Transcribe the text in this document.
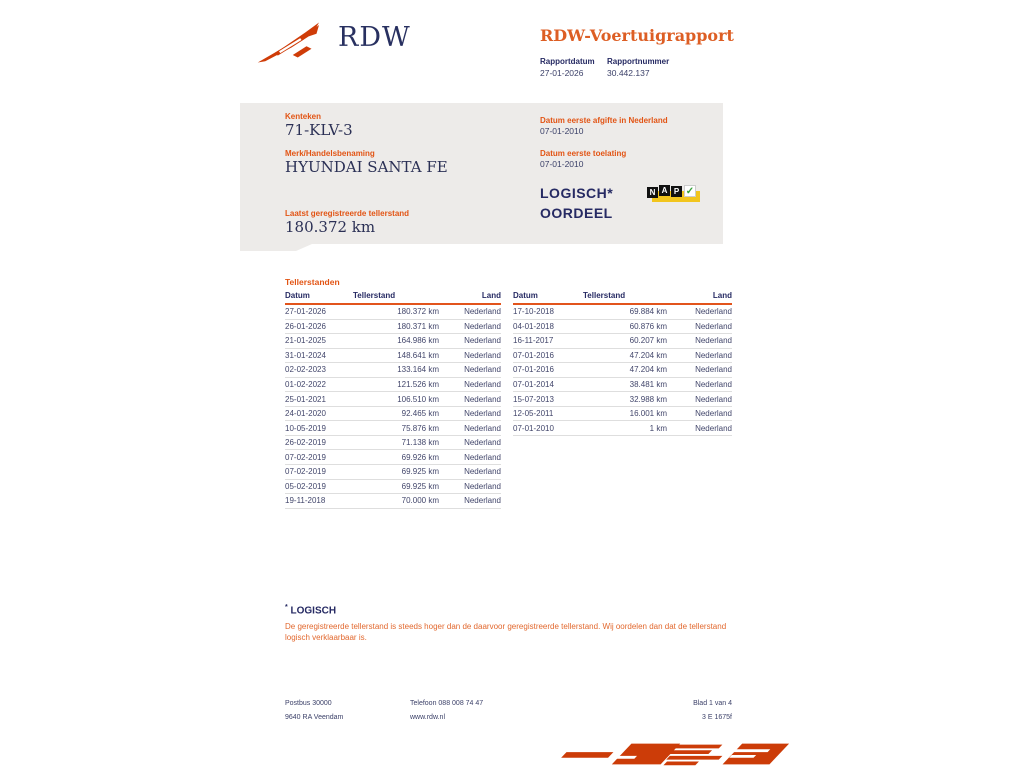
RDW	RDW-Voertuigrapport
Rapportdatum Rapportnummer
27-01-2026	30.442.137
Kenteken
71-KLV-3
Merk/Handelsbenaming
HYUNDAI SANTA FE
Laatst geregistreerde tellerstand
180.372 km
Datum eerste afgifte in Nederland
07-01-2010
Datum eerste toelating
07-01-2010
LOGISCH*
OORDEEL
N A P ✓
Tellerstanden
Datum	Tellerstand	Land
27-01-2026	180.372 km	Nederland
26-01-2026	180.371 km	Nederland
21-01-2025	164.986 km	Nederland
31-01-2024	148.641 km	Nederland
02-02-2023	133.164 km	Nederland
01-02-2022	121.526 km	Nederland
25-01-2021	106.510 km	Nederland
24-01-2020	92.465 km	Nederland
10-05-2019	75.876 km	Nederland
26-02-2019	71.138 km	Nederland
07-02-2019	69.926 km	Nederland
07-02-2019	69.925 km	Nederland
05-02-2019	69.925 km	Nederland
19-11-2018	70.000 km	Nederland
Datum	Tellerstand	Land
17-10-2018	69.884 km	Nederland
04-01-2018	60.876 km	Nederland
16-11-2017	60.207 km	Nederland
07-01-2016	47.204 km	Nederland
07-01-2016	47.204 km	Nederland
07-01-2014	38.481 km	Nederland
15-07-2013	32.988 km	Nederland
12-05-2011	16.001 km	Nederland
07-01-2010	1 km	Nederland
* LOGISCH
De geregistreerde tellerstand is steeds hoger dan de daarvoor geregistreerde tellerstand. Wij oordelen dan dat de tellerstand logisch verklaarbaar is.
Postbus 30000
9640 RA Veendam
Telefoon 088 008 74 47
www.rdw.nl
Blad 1 van 4
3 E 1675f
